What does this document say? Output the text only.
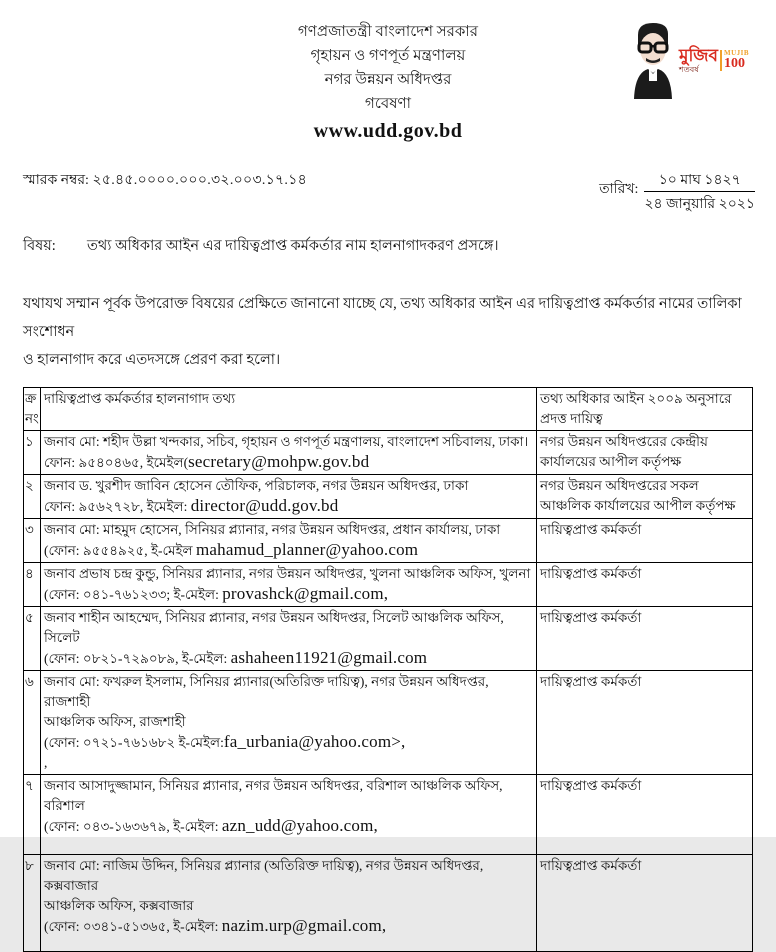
মুজিব
শতবর্ষ
MUJIB
100
গণপ্রজাতন্ত্রী বাংলাদেশ সরকার
গৃহায়ন ও গণপূর্ত মন্ত্রণালয়
নগর উন্নয়ন অধিদপ্তর
গবেষণা
www.udd.gov.bd
স্মারক নম্বর: ২৫.৪৫.০০০০.০০০.৩২.০০৩.১৭.১৪
তারিখ:
১০ মাঘ ১৪২৭
২৪ জানুয়ারি ২০২১
বিষয়:	তথ্য অধিকার আইন এর দায়িত্বপ্রাপ্ত কর্মকর্তার নাম হালনাগাদকরণ প্রসঙ্গে।
যথাযথ সম্মান পূর্বক উপরোক্ত বিষয়ের প্রেক্ষিতে জানানো যাচ্ছে যে, তথ্য অধিকার আইন এর দায়িত্বপ্রাপ্ত কর্মকর্তার নামের তালিকা সংশোধন
ও হালনাগাদ করে এতদসঙ্গে প্রেরণ করা হলো।
ক্র
নং
	দায়িত্বপ্রাপ্ত কর্মকর্তার হালনাগাদ তথ্য	তথ্য অধিকার আইন ২০০৯ অনুসারে
প্রদত্ত দায়িত্ব

১	জনাব মো: শহীদ উল্লা খন্দকার, সচিব, গৃহায়ন ও গণপূর্ত মন্ত্রণালয়, বাংলাদেশ সচিবালয়, ঢাকা।
ফোন: ৯৫৪০৪৬৫, ইমেইল(secretary@mohpw.gov.bd	নগর উন্নয়ন অধিদপ্তরের কেন্দ্রীয় কার্যালয়ের আপীল কর্তৃপক্ষ
২	জনাব ড. খুরশীদ জাবিন হোসেন তৌফিক, পরিচালক, নগর উন্নয়ন অধিদপ্তর, ঢাকা
ফোন: ৯৫৬২৭২৮, ইমেইল: director@udd.gov.bd	নগর উন্নয়ন অধিদপ্তরের সকল আঞ্চলিক কার্যালয়ের আপীল কর্তৃপক্ষ
৩	জনাব মো: মাহমুদ হোসেন, সিনিয়র প্ল্যানার, নগর উন্নয়ন অধিদপ্তর, প্রধান কার্যালয়, ঢাকা
(ফোন: ৯৫৫৪৯২৫, ই-মেইল mahamud_planner@yahoo.com	দায়িত্বপ্রাপ্ত কর্মকর্তা
৪	জনাব প্রভাষ চন্দ্র কুন্ডু, সিনিয়র প্ল্যানার, নগর উন্নয়ন অধিদপ্তর, খুলনা আঞ্চলিক অফিস, খুলনা
(ফোন: ০৪১-৭৬১২৩৩; ই-মেইল: provashck@gmail.com,	দায়িত্বপ্রাপ্ত কর্মকর্তা
৫	জনাব শাহীন আহম্মেদ, সিনিয়র প্ল্যানার, নগর উন্নয়ন অধিদপ্তর, সিলেট আঞ্চলিক অফিস, সিলেট
(ফোন: ০৮২১-৭২৯০৮৯, ই-মেইল: ashaheen11921@gmail.com	দায়িত্বপ্রাপ্ত কর্মকর্তা
৬	জনাব মো: ফখরুল ইসলাম, সিনিয়র প্ল্যানার(অতিরিক্ত দায়িত্ব), নগর উন্নয়ন অধিদপ্তর, রাজশাহী
আঞ্চলিক অফিস, রাজশাহী
(ফোন: ০৭২১-৭৬১৬৮২ ই-মেইল:fa_urbania@yahoo.com>,
,	দায়িত্বপ্রাপ্ত কর্মকর্তা
৭	জনাব আসাদুজ্জামান, সিনিয়র প্ল্যানার, নগর উন্নয়ন অধিদপ্তর, বরিশাল আঞ্চলিক অফিস, বরিশাল
(ফোন: ০৪৩-১৬৩৬৭৯, ই-মেইল: azn_udd@yahoo.com,	দায়িত্বপ্রাপ্ত কর্মকর্তা
৮	জনাব মো: নাজিম উদ্দিন, সিনিয়র প্ল্যানার (অতিরিক্ত দায়িত্ব), নগর উন্নয়ন অধিদপ্তর, কক্সবাজার
আঞ্চলিক অফিস, কক্সবাজার
(ফোন: ০৩৪১-৫১৩৬৫, ই-মেইল: nazim.urp@gmail.com,	দায়িত্বপ্রাপ্ত কর্মকর্তা
